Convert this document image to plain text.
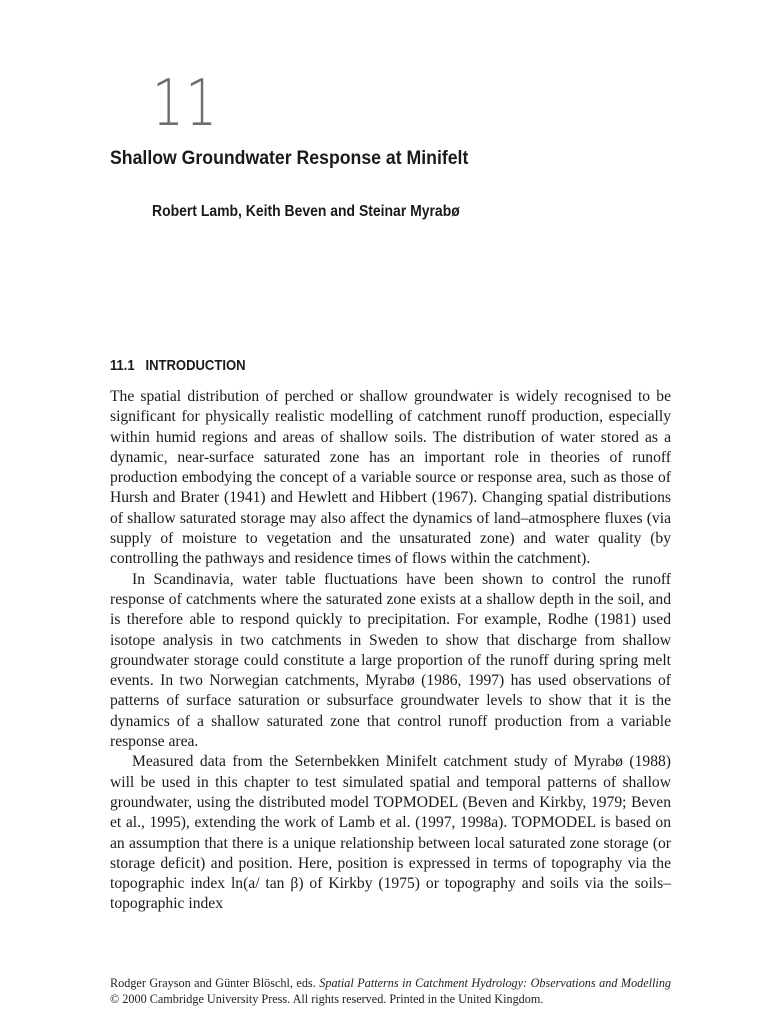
11
Shallow Groundwater Response at Minifelt
Robert Lamb, Keith Beven and Steinar Myrabø
11.1 INTRODUCTION

The spatial distribution of perched or shallow groundwater is widely recognised to be significant for physically realistic modelling of catchment runoff production, especially within humid regions and areas of shallow soils. The distribution of water stored as a dynamic, near-surface saturated zone has an important role in theories of runoff production embodying the concept of a variable source or response area, such as those of Hursh and Brater (1941) and Hewlett and Hibbert (1967). Changing spatial distributions of shallow saturated storage may also affect the dynamics of land–atmosphere fluxes (via supply of moisture to vegetation and the unsaturated zone) and water quality (by controlling the pathways and residence times of flows within the catchment).

In Scandinavia, water table fluctuations have been shown to control the runoff response of catchments where the saturated zone exists at a shallow depth in the soil, and is therefore able to respond quickly to precipitation. For example, Rodhe (1981) used isotope analysis in two catchments in Sweden to show that discharge from shallow groundwater storage could constitute a large proportion of the runoff during spring melt events. In two Norwegian catchments, Myrabø (1986, 1997) has used observations of patterns of surface saturation or subsurface groundwater levels to show that it is the dynamics of a shallow saturated zone that control runoff production from a variable response area.

Measured data from the Seternbekken Minifelt catchment study of Myrabø (1988) will be used in this chapter to test simulated spatial and temporal patterns of shallow groundwater, using the distributed model TOPMODEL (Beven and Kirkby, 1979; Beven et al., 1995), extending the work of Lamb et al. (1997, 1998a). TOPMODEL is based on an assumption that there is a unique relationship between local saturated zone storage (or storage deficit) and position. Here, position is expressed in terms of topography via the topographic index ln(a/ tan β) of Kirkby (1975) or topography and soils via the soils–topographic index

Rodger Grayson and Günter Blöschl, eds. Spatial Patterns in Catchment Hydrology: Observations and Modelling © 2000 Cambridge University Press. All rights reserved. Printed in the United Kingdom.
